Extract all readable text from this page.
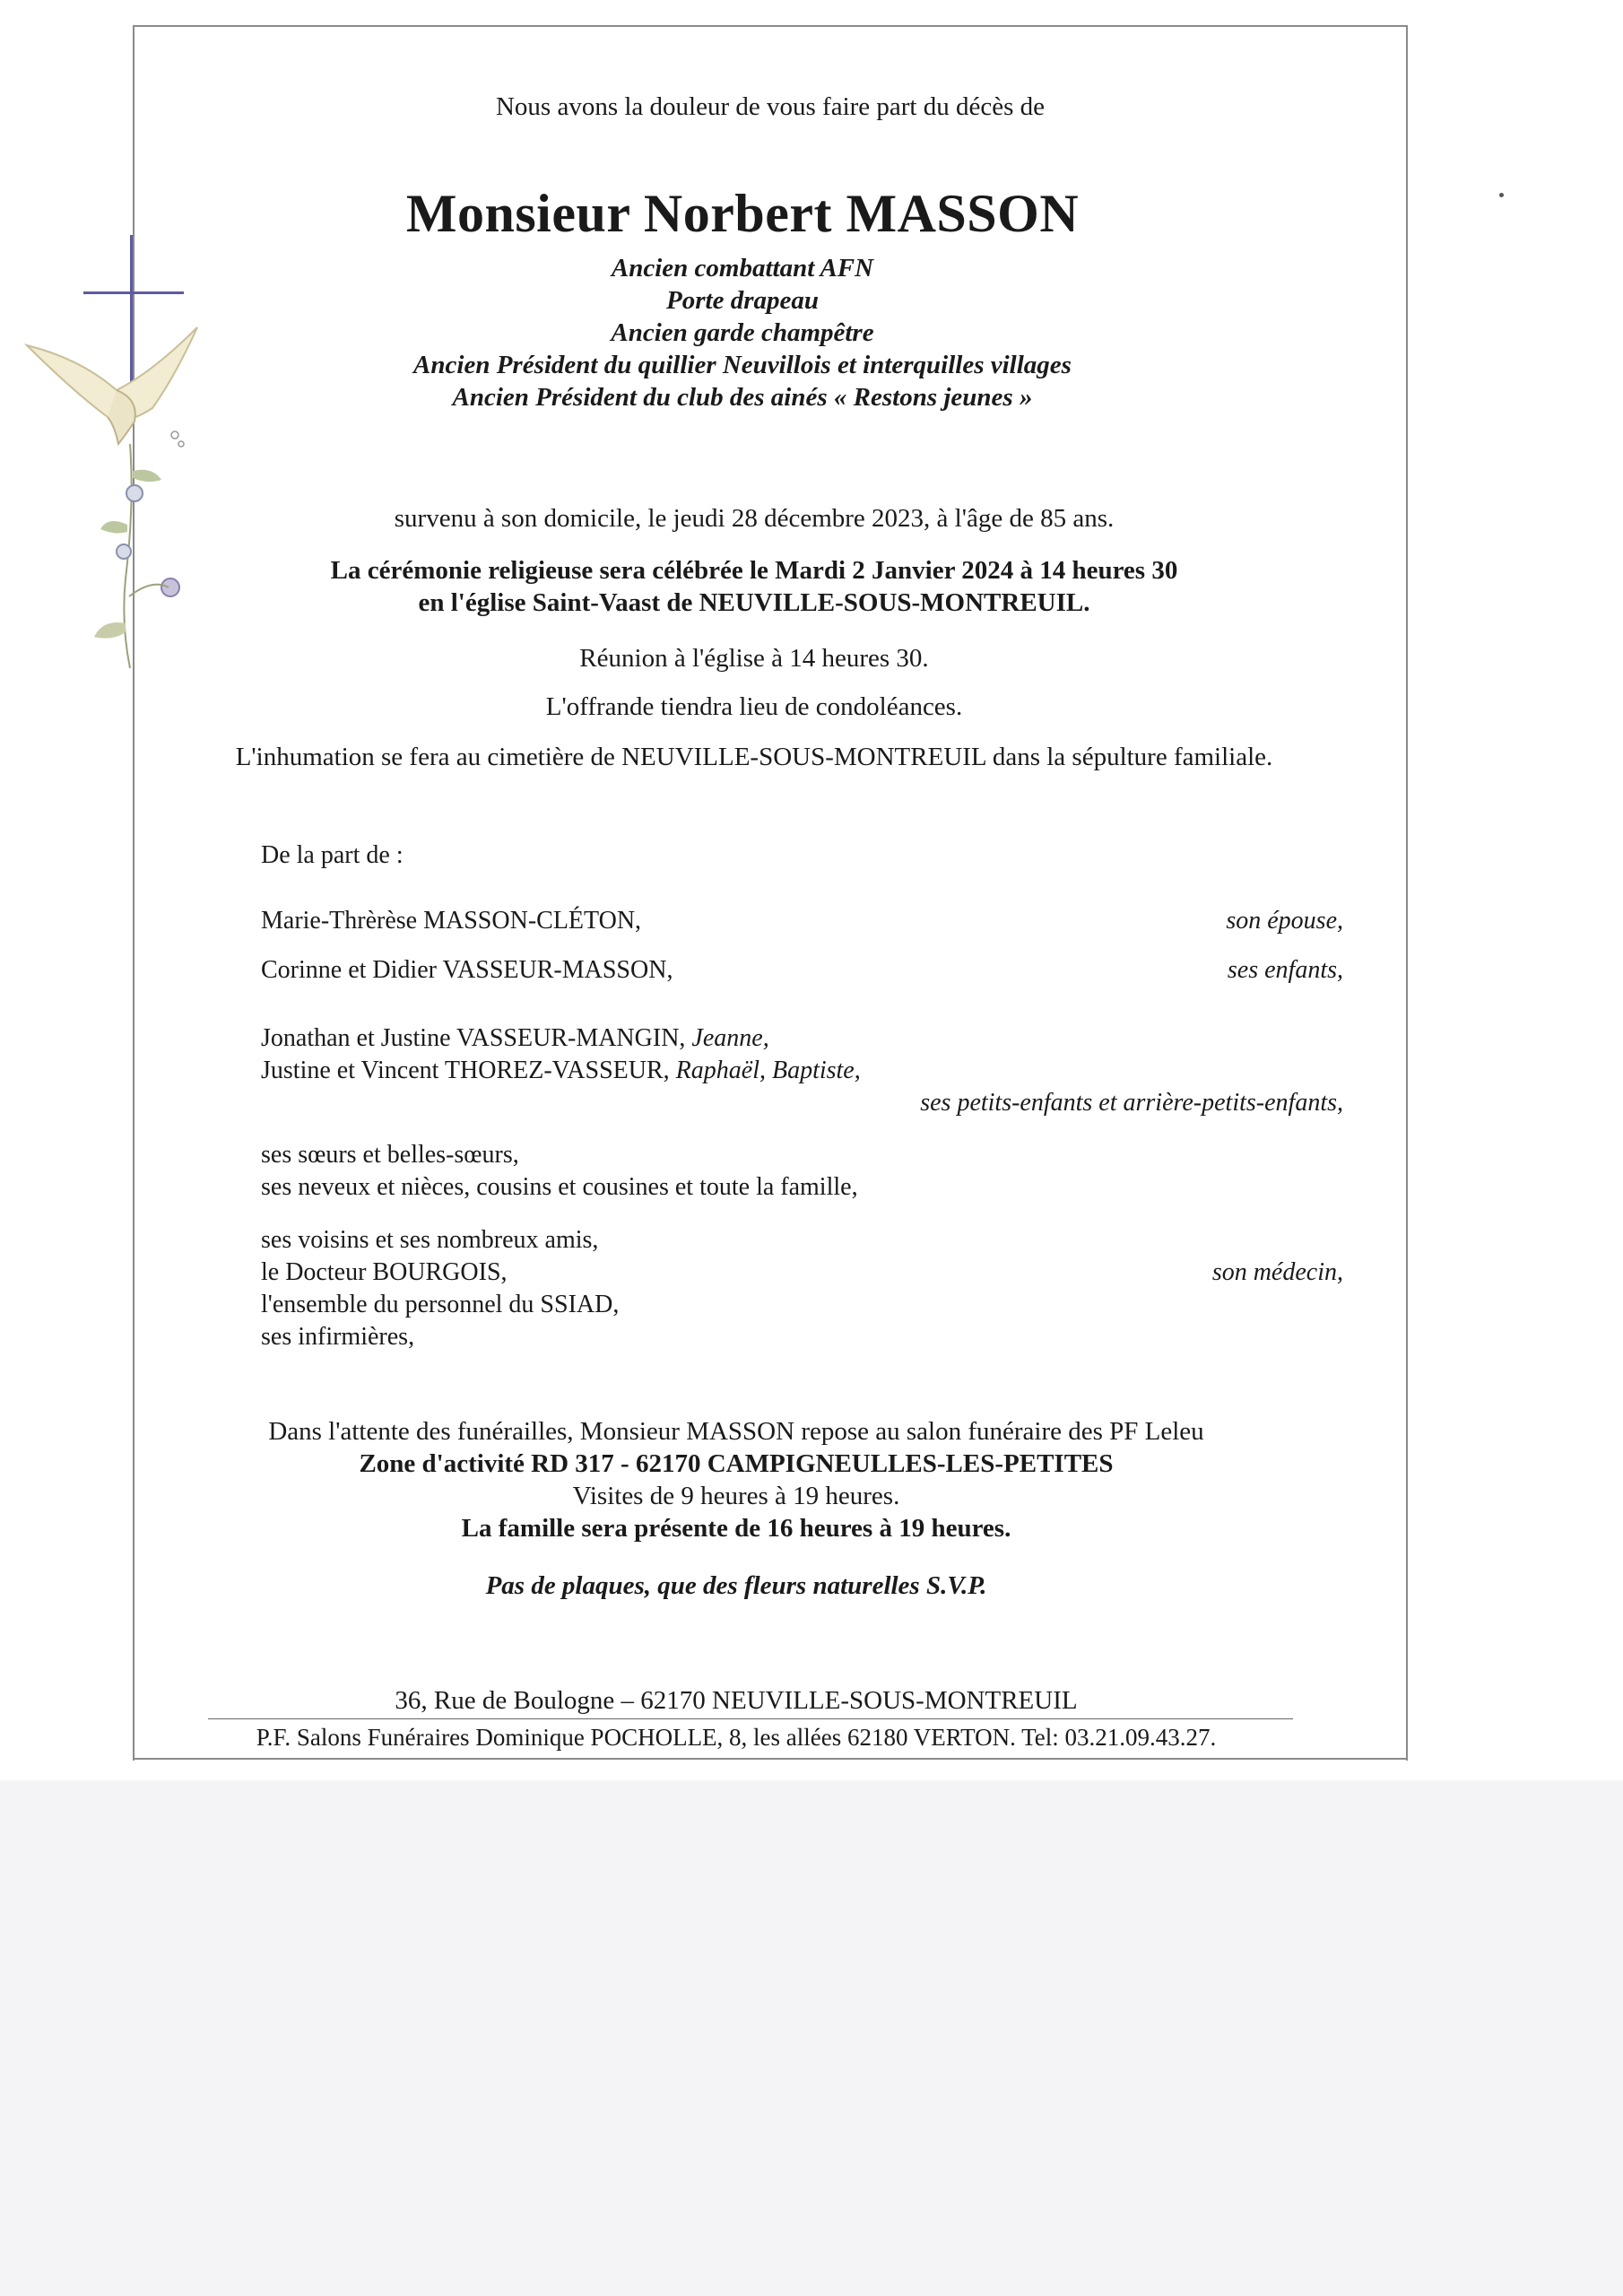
Nous avons la douleur de vous faire part du décès de
Monsieur Norbert MASSON
Ancien combattant AFN
Porte drapeau
Ancien garde champêtre
Ancien Président du quillier Neuvillois et interquilles villages
Ancien Président du club des ainés « Restons jeunes »
survenu à son domicile, le jeudi 28 décembre 2023, à l'âge de 85 ans.
La cérémonie religieuse sera célébrée le Mardi 2 Janvier 2024 à 14 heures 30
en l'église Saint-Vaast de NEUVILLE-SOUS-MONTREUIL.
Réunion à l'église à 14 heures 30.
L'offrande tiendra lieu de condoléances.
L'inhumation se fera au cimetière de NEUVILLE-SOUS-MONTREUIL dans la sépulture familiale.
De la part de :
Marie-Thrèrèse MASSON-CLÉTON,	son épouse,
Corinne et Didier VASSEUR-MASSON,	ses enfants,
Jonathan et Justine VASSEUR-MANGIN, Jeanne,
Justine et Vincent THOREZ-VASSEUR, Raphaël, Baptiste,
ses petits-enfants et arrière-petits-enfants,
ses sœurs et belles-sœurs,
ses neveux et nièces, cousins et cousines et toute la famille,
ses voisins et ses nombreux amis,
le Docteur BOURGOIS,	son médecin,
l'ensemble du personnel du SSIAD,
ses infirmières,
Dans l'attente des funérailles, Monsieur MASSON repose au salon funéraire des PF Leleu
Zone d'activité RD 317 - 62170 CAMPIGNEULLES-LES-PETITES
Visites de 9 heures à 19 heures.
La famille sera présente de 16 heures à 19 heures.
Pas de plaques, que des fleurs naturelles S.V.P.
36, Rue de Boulogne – 62170 NEUVILLE-SOUS-MONTREUIL
P.F. Salons Funéraires Dominique POCHOLLE, 8, les allées 62180 VERTON. Tel: 03.21.09.43.27.
